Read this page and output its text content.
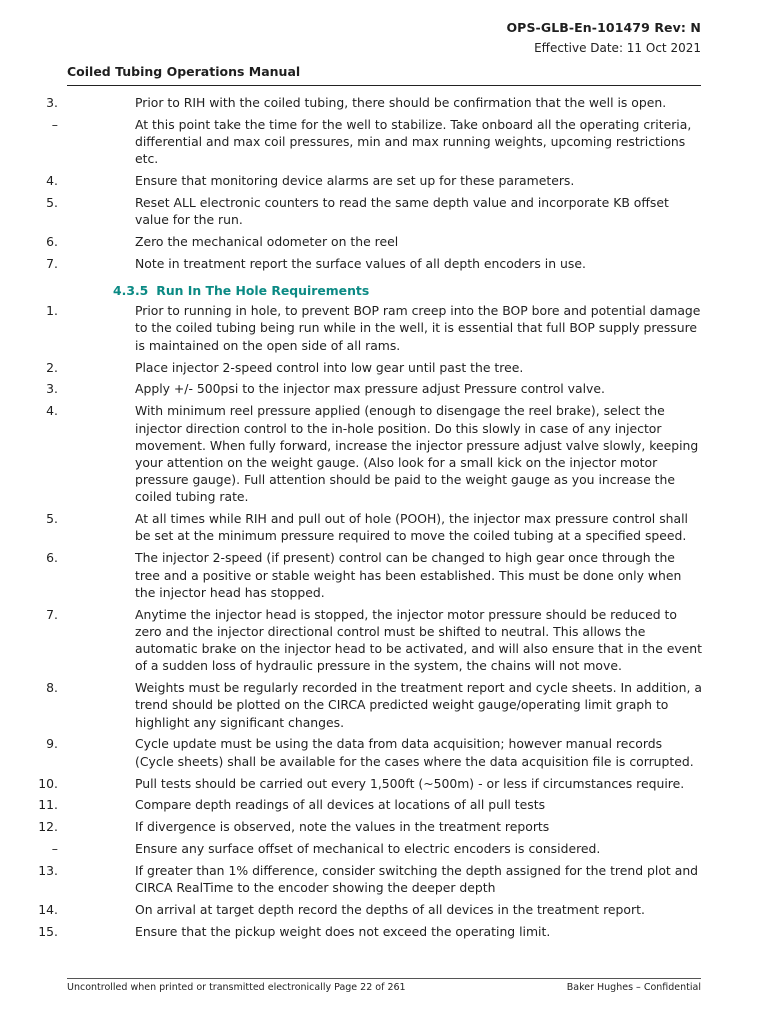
OPS-GLB-En-101479 Rev: N
Effective Date: 11 Oct 2021
Coiled Tubing Operations Manual
3.	Prior to RIH with the coiled tubing, there should be confirmation that the well is open.
–	At this point take the time for the well to stabilize. Take onboard all the operating criteria, differential and max coil pressures, min and max running weights, upcoming restrictions etc.
4.	Ensure that monitoring device alarms are set up for these parameters.
5.	Reset ALL electronic counters to read the same depth value and incorporate KB offset value for the run.
6.	Zero the mechanical odometer on the reel
7.	Note in treatment report the surface values of all depth encoders in use.
4.3.5 Run In The Hole Requirements
1.	Prior to running in hole, to prevent BOP ram creep into the BOP bore and potential damage to the coiled tubing being run while in the well, it is essential that full BOP supply pressure is maintained on the open side of all rams.
2.	Place injector 2-speed control into low gear until past the tree.
3.	Apply +/- 500psi to the injector max pressure adjust Pressure control valve.
4.	With minimum reel pressure applied (enough to disengage the reel brake), select the injector direction control to the in-hole position. Do this slowly in case of any injector movement. When fully forward, increase the injector pressure adjust valve slowly, keeping your attention on the weight gauge. (Also look for a small kick on the injector motor pressure gauge). Full attention should be paid to the weight gauge as you increase the coiled tubing rate.
5.	At all times while RIH and pull out of hole (POOH), the injector max pressure control shall be set at the minimum pressure required to move the coiled tubing at a specified speed.
6.	The injector 2-speed (if present) control can be changed to high gear once through the tree and a positive or stable weight has been established. This must be done only when the injector head has stopped.
7.	Anytime the injector head is stopped, the injector motor pressure should be reduced to zero and the injector directional control must be shifted to neutral. This allows the automatic brake on the injector head to be activated, and will also ensure that in the event of a sudden loss of hydraulic pressure in the system, the chains will not move.
8.	Weights must be regularly recorded in the treatment report and cycle sheets. In addition, a trend should be plotted on the CIRCA predicted weight gauge/operating limit graph to highlight any significant changes.
9.	Cycle update must be using the data from data acquisition; however manual records (Cycle sheets) shall be available for the cases where the data acquisition file is corrupted.
10.	Pull tests should be carried out every 1,500ft (~500m) - or less if circumstances require.
11.	Compare depth readings of all devices at locations of all pull tests
12.	If divergence is observed, note the values in the treatment reports
–	Ensure any surface offset of mechanical to electric encoders is considered.
13.	If greater than 1% difference, consider switching the depth assigned for the trend plot and CIRCA RealTime to the encoder showing the deeper depth
14.	On arrival at target depth record the depths of all devices in the treatment report.
15.	Ensure that the pickup weight does not exceed the operating limit.
Uncontrolled when printed or transmitted electronically Page 22 of 261	Baker Hughes – Confidential
